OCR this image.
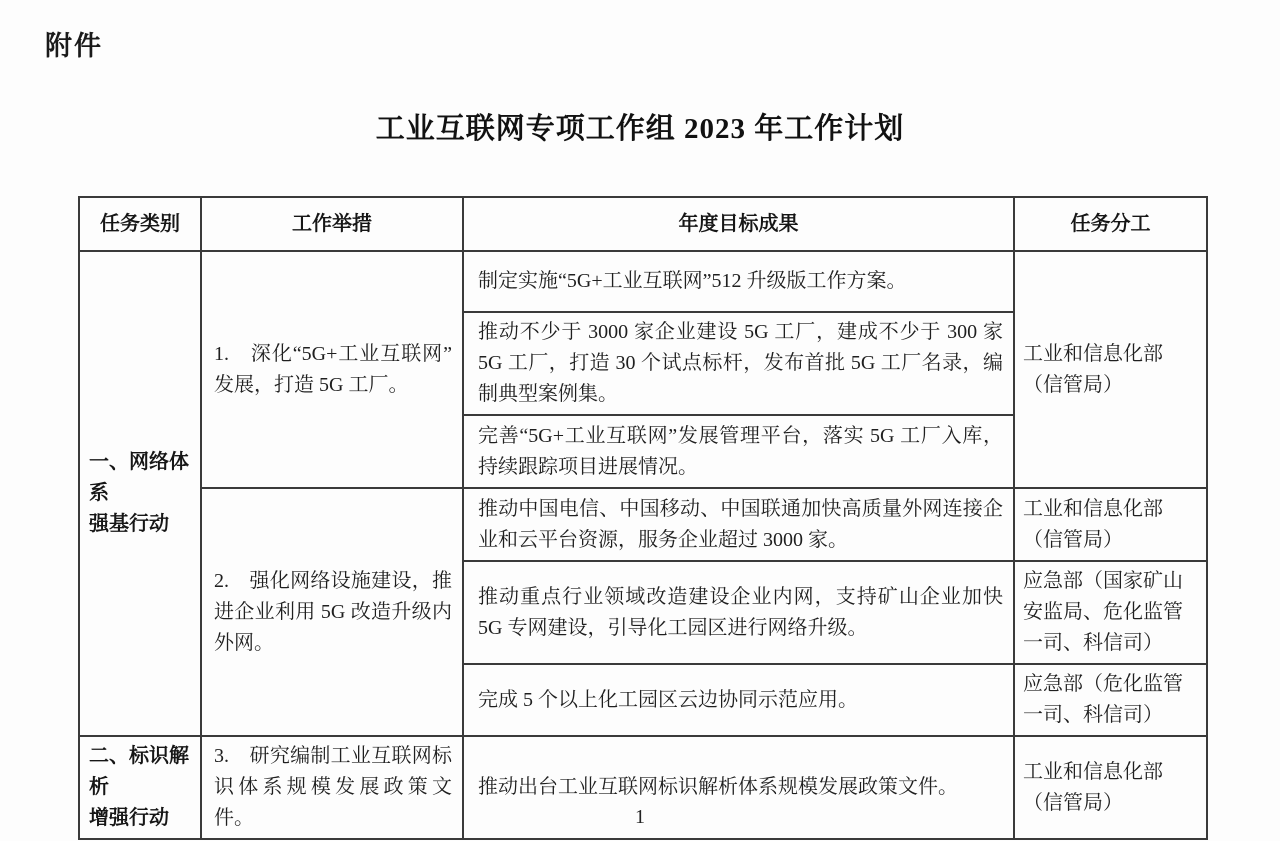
附件
工业互联网专项工作组 2023 年工作计划
任务类别	工作举措	年度目标成果	任务分工

一、网络体系
强基行动	1.　深化“5G+工业互联网”发展，打造 5G 工厂。	制定实施“5G+工业互联网”512 升级版工作方案。	工业和信息化部（信管局）
		推动不少于 3000 家企业建设 5G 工厂，建成不少于 300 家 5G 工厂，打造 30 个试点标杆，发布首批 5G 工厂名录，编制典型案例集。	
		完善“5G+工业互联网”发展管理平台，落实 5G 工厂入库，持续跟踪项目进展情况。	
	2.　强化网络设施建设，推进企业利用 5G 改造升级内外网。	推动中国电信、中国移动、中国联通加快高质量外网连接企业和云平台资源，服务企业超过 3000 家。	工业和信息化部（信管局）
		推动重点行业领域改造建设企业内网，支持矿山企业加快 5G 专网建设，引导化工园区进行网络升级。	应急部（国家矿山安监局、危化监管一司、科信司）
		完成 5 个以上化工园区云边协同示范应用。	应急部（危化监管一司、科信司）

二、标识解析
增强行动	3.　研究编制工业互联网标识体系规模发展政策文件。	推动出台工业互联网标识解析体系规模发展政策文件。	工业和信息化部（信管局）
1
